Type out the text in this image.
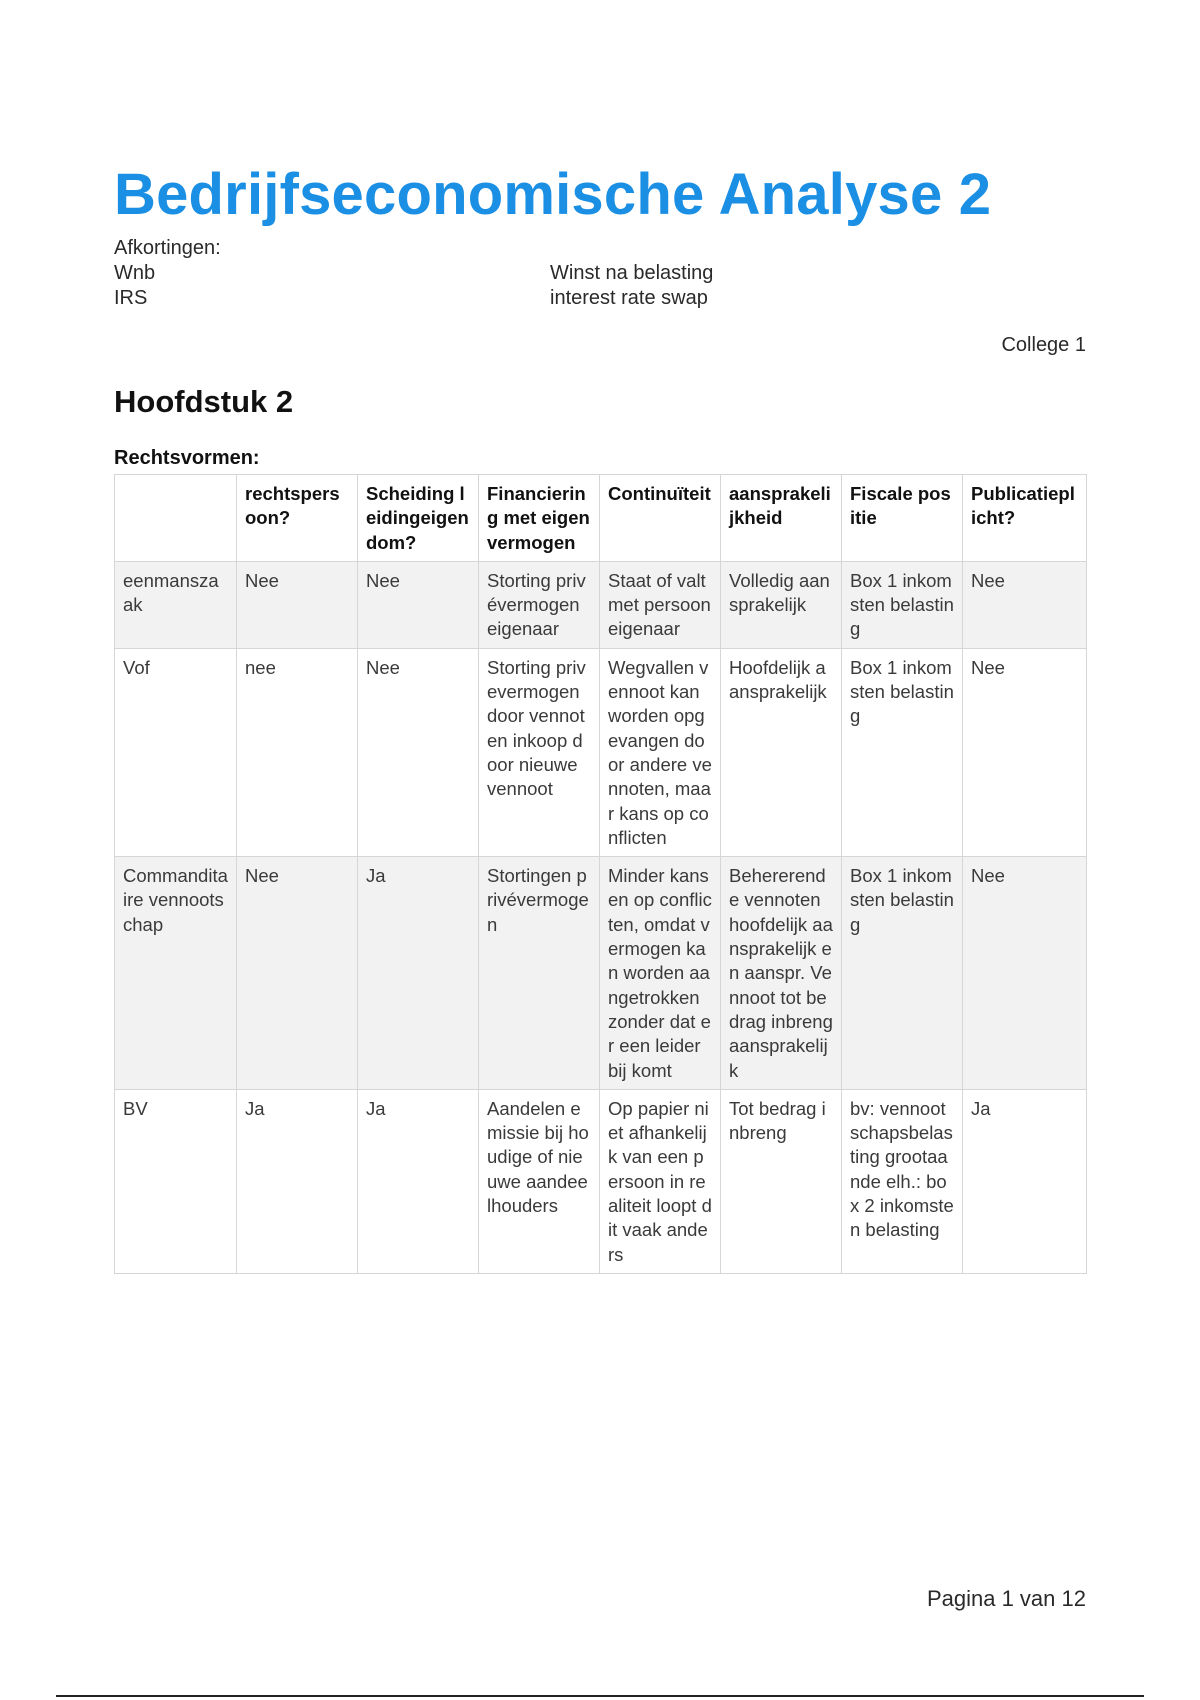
Bedrijfseconomische Analyse 2
Afkortingen:
Wnb	Winst na belasting
IRS	interest rate swap
College 1
Hoofdstuk 2
Rechtsvormen:
	rechtspersoon?	Scheiding leidingeigendom?	Financiering met eigen vermogen	Continuïteit	aansprakelijkheid	Fiscale positie	Publicatieplicht?
eenmanszaak	Nee	Nee	Storting privévermogen eigenaar	Staat of valt met persoon eigenaar	Volledig aansprakelijk	Box 1 inkomsten belasting	Nee
Vof	nee	Nee	Storting privevermogen door vennoten inkoop door nieuwe vennoot	Wegvallen vennoot kan worden opgevangen door andere vennoten, maar kans op conflicten	Hoofdelijk aansprakelijk	Box 1 inkomsten belasting	Nee
Commanditaire vennootschap	Nee	Ja	Stortingen privévermogen	Minder kansen op conflicten, omdat vermogen kan worden aangetrokken zonder dat er een leider bij komt	Behererende vennoten hoofdelijk aansprakelijk en aanspr. Vennoot tot bedrag inbreng aansprakelijk	Box 1 inkomsten belasting	Nee
BV	Ja	Ja	Aandelen emissie bij houdige of nieuwe aandeelhouders	Op papier niet afhankelijk van een persoon in realiteit loopt dit vaak anders	Tot bedrag inbreng	bv: vennootschapsbelasting grootaande elh.: box 2 inkomsten belasting	Ja
Pagina 1 van 12
